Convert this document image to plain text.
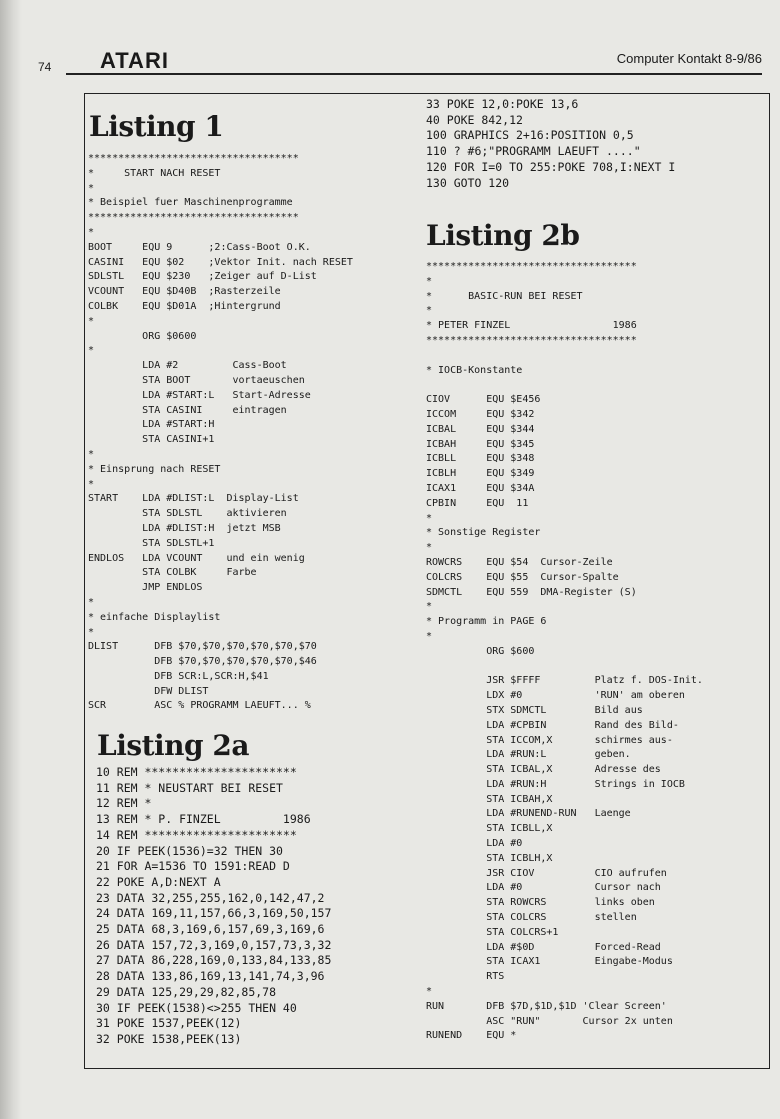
74 ATARI	Computer Kontakt 8-9/86
Listing 1
***********************************
*     START NACH RESET
*
* Beispiel fuer Maschinenprogramme
***********************************
*
BOOT     EQU 9      ;2:Cass-Boot O.K.
CASINI   EQU $02    ;Vektor Init. nach RESET
SDLSTL   EQU $230   ;Zeiger auf D-List
VCOUNT   EQU $D40B  ;Rasterzeile
COLBK    EQU $D01A  ;Hintergrund
*
ORG $0600
*
LDA #2         Cass-Boot
STA BOOT       vortaeuschen
LDA #START:L   Start-Adresse
STA CASINI     eintragen
LDA #START:H
STA CASINI+1
*
* Einsprung nach RESET
*
START    LDA #DLIST:L  Display-List
STA SDLSTL    aktivieren
LDA #DLIST:H  jetzt MSB
STA SDLSTL+1
ENDLOS   LDA VCOUNT    und ein wenig
STA COLBK     Farbe
JMP ENDLOS
*
* einfache Displaylist
*
DLIST      DFB $70,$70,$70,$70,$70,$70
DFB $70,$70,$70,$70,$70,$46
DFB SCR:L,SCR:H,$41
DFW DLIST
SCR        ASC % PROGRAMM LAEUFT... %
Listing 2a
10 REM **********************
11 REM * NEUSTART BEI RESET
12 REM *
13 REM * P. FINZEL         1986
14 REM **********************
20 IF PEEK(1536)=32 THEN 30
21 FOR A=1536 TO 1591:READ D
22 POKE A,D:NEXT A
23 DATA 32,255,255,162,0,142,47,2
24 DATA 169,11,157,66,3,169,50,157
25 DATA 68,3,169,6,157,69,3,169,6
26 DATA 157,72,3,169,0,157,73,3,32
27 DATA 86,228,169,0,133,84,133,85
28 DATA 133,86,169,13,141,74,3,96
29 DATA 125,29,29,82,85,78
30 IF PEEK(1538)<>255 THEN 40
31 POKE 1537,PEEK(12)
32 POKE 1538,PEEK(13)
33 POKE 12,0:POKE 13,6
40 POKE 842,12
100 GRAPHICS 2+16:POSITION 0,5
110 ? #6;"PROGRAMM LAEUFT ...."
120 FOR I=0 TO 255:POKE 708,I:NEXT I
130 GOTO 120
Listing 2b
***********************************
*
*      BASIC-RUN BEI RESET
*
* PETER FINZEL                 1986
***********************************

* IOCB-Konstante

CIOV      EQU $E456
ICCOM     EQU $342
ICBAL     EQU $344
ICBAH     EQU $345
ICBLL     EQU $348
ICBLH     EQU $349
ICAX1     EQU $34A
CPBIN     EQU  11
*
* Sonstige Register
*
ROWCRS    EQU $54  Cursor-Zeile
COLCRS    EQU $55  Cursor-Spalte
SDMCTL    EQU 559  DMA-Register (S)
*
* Programm in PAGE 6
*
ORG $600

JSR $FFFF         Platz f. DOS-Init.
LDX #0            'RUN' am oberen
STX SDMCTL        Bild aus
LDA #CPBIN        Rand des Bild-
STA ICCOM,X       schirmes aus-
LDA #RUN:L        geben.
STA ICBAL,X       Adresse des
LDA #RUN:H        Strings in IOCB
STA ICBAH,X
LDA #RUNEND-RUN   Laenge
STA ICBLL,X
LDA #0
STA ICBLH,X
JSR CIOV          CIO aufrufen
LDA #0            Cursor nach
STA ROWCRS        links oben
STA COLCRS        stellen
STA COLCRS+1
LDA #$0D          Forced-Read
STA ICAX1         Eingabe-Modus
RTS
*
RUN       DFB $7D,$1D,$1D 'Clear Screen'
ASC "RUN"       Cursor 2x unten
RUNEND    EQU *
